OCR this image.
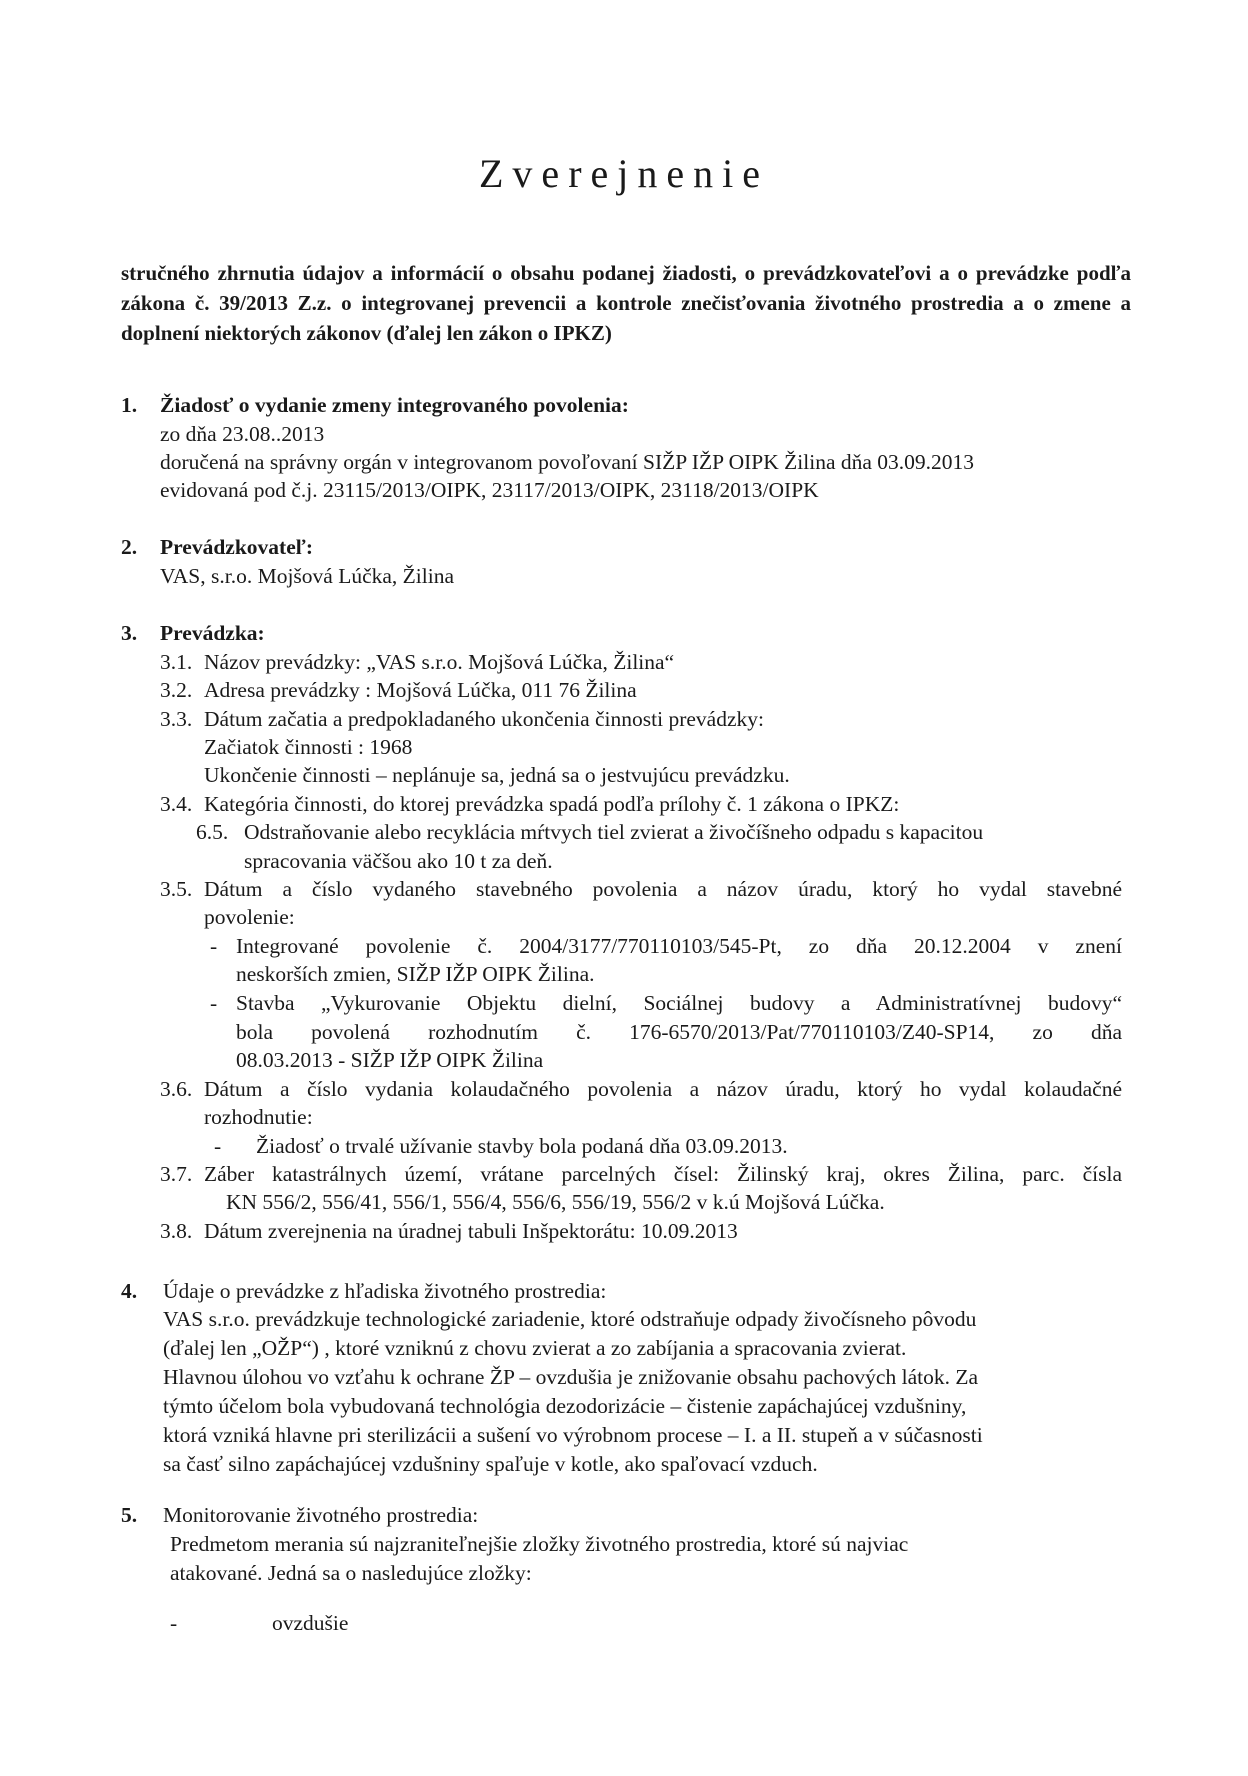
Zverejnenie
stručného zhrnutia údajov a informácií o obsahu podanej žiadosti, o prevádzkovateľovi a o prevádzke podľa zákona č. 39/2013 Z.z. o integrovanej prevencii a kontrole znečisťovania životného prostredia a o zmene a doplnení niektorých zákonov (ďalej len zákon o IPKZ)
1. Žiadosť o vydanie zmeny integrovaného povolenia:
zo dňa 23.08..2013
doručená na správny orgán v integrovanom povoľovaní SIŽP IŽP OIPK Žilina dňa 03.09.2013
evidovaná pod č.j. 23115/2013/OIPK, 23117/2013/OIPK, 23118/2013/OIPK
2. Prevádzkovateľ:
VAS, s.r.o. Mojšová Lúčka, Žilina
3. Prevádzka:
3.1. Názov prevádzky: „VAS s.r.o. Mojšová Lúčka, Žilina“
3.2. Adresa prevádzky : Mojšová Lúčka, 011 76 Žilina
3.3. Dátum začatia a predpokladaného ukončenia činnosti prevádzky:
Začiatok činnosti : 1968
Ukončenie činnosti – neplánuje sa, jedná sa o jestvujúcu prevádzku.
3.4. Kategória činnosti, do ktorej prevádzka spadá podľa prílohy č. 1 zákona o IPKZ:
6.5. Odstraňovanie alebo recyklácia mŕtvych tiel zvierat a živočíšneho odpadu s kapacitou
spracovania väčšou ako 10 t za deň.
3.5. Dátum a číslo vydaného stavebného povolenia a názov úradu, ktorý ho vydal stavebné
povolenie:
- Integrované povolenie č. 2004/3177/770110103/545-Pt, zo dňa 20.12.2004 v znení
neskorších zmien, SIŽP IŽP OIPK Žilina.
- Stavba „Vykurovanie Objektu dielní, Sociálnej budovy a Administratívnej budovy“
bola povolená rozhodnutím č. 176-6570/2013/Pat/770110103/Z40-SP14, zo dňa
08.03.2013 - SIŽP IŽP OIPK Žilina
3.6. Dátum a číslo vydania kolaudačného povolenia a názov úradu, ktorý ho vydal kolaudačné
rozhodnutie:
- Žiadosť o trvalé užívanie stavby bola podaná dňa 03.09.2013.
3.7. Záber katastrálnych území, vrátane parcelných čísel: Žilinský kraj, okres Žilina, parc. čísla
KN 556/2, 556/41, 556/1, 556/4, 556/6, 556/19, 556/2 v k.ú Mojšová Lúčka.
3.8. Dátum zverejnenia na úradnej tabuli Inšpektorátu: 10.09.2013
4. Údaje o prevádzke z hľadiska životného prostredia:
VAS s.r.o. prevádzkuje technologické zariadenie, ktoré odstraňuje odpady živočísneho pôvodu
(ďalej len „OŽP“) , ktoré vzniknú z chovu zvierat a zo zabíjania a spracovania zvierat.
Hlavnou úlohou vo vzťahu k ochrane ŽP – ovzdušia je znižovanie obsahu pachových látok. Za
týmto účelom bola vybudovaná technológia dezodorizácie – čistenie zapáchajúcej vzdušniny,
ktorá vzniká hlavne pri sterilizácii a sušení vo výrobnom procese – I. a II. stupeň a v súčasnosti
sa časť silno zapáchajúcej vzdušniny spaľuje v kotle, ako spaľovací vzduch.
5. Monitorovanie životného prostredia:
Predmetom merania sú najzraniteľnejšie zložky životného prostredia, ktoré sú najviac
atakované. Jedná sa o nasledujúce zložky:
-	ovzdušie
